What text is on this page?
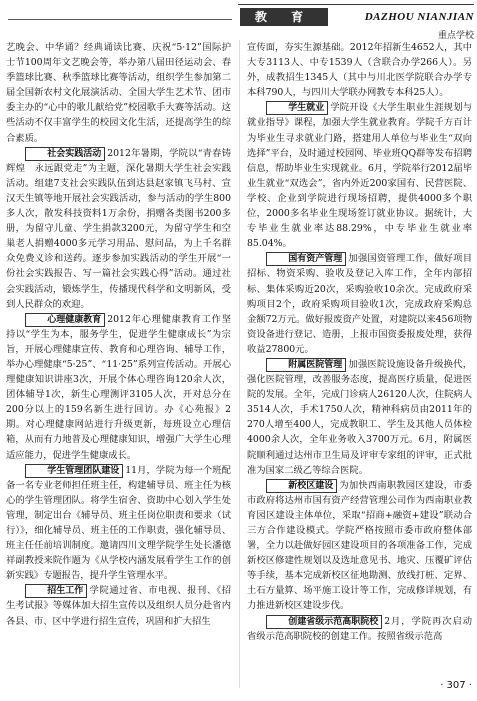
教 育	DAZHOU NIANJIAN
重点学校

艺晚会、中华诵？经典诵读比赛、庆祝“5·12”国际护士节100周年文艺晚会等，举办第八届田径运动会、春季篮球比赛、秋季篮球比赛等活动，组织学生参加第二届全国新农村文化展演活动、全国大学生艺术节、团市委主办的“心中的歌儿献给党”校园歌手大赛等活动。这些活动不仅丰富学生的校园文化生活，还提高学生的综合素质。

社会实践活动 2012年暑期，学院以“青春铸辉煌　永远跟党走”为主题，深化暑期大学生社会实践活动。组建7支社会实践队伍到达县赵家镇飞马村、宣汉天生镇等地开展社会实践活动，参与活动的学生800多人次，散发科技资料1万余份，捐赠各类图书200多册，为留守儿童、学生捐款3200元，为留守学生和空巢老人捐赠4000多元学习用品、慰问品，为上千名群众免费义诊和送药。逐步参加实践活动的学生开展“一份社会实践报告、写一篇社会实践心得”活动。通过社会实践活动，锻炼学生，传播现代科学和文明新风，受到人民群众的欢迎。

心理健康教育 2012年心理健康教育工作坚持以“学生为本，服务学生，促进学生健康成长”为宗旨，开展心理健康宣传、教育和心理咨询、辅导工作，举办心理健康“5·25”、“11·25”系列宣传活动。开展心理健康知识讲座3次，开展个体心理咨询120余人次，团体辅导1次，新生心理测评3105人次，开对总分在200分以上的159名新生进行回访。办《心苑报》2期。对心理健康网站进行升级更新，每班设立心理信箱，从而有力地普及心理健康知识，增强广大学生心理适应能力，促进学生健康成长。

学生管理团队建设 11月，学院为每一个班配备一名专业老师担任班主任，构建辅导员、班主任为核心的学生管理团队。将学生宿舍、资助中心划入学生处管理，制定出台《辅导员、班主任岗位职责和要求（试行）》，细化辅导员、班主任的工作职责，强化辅导员、班主任任前培训制度。邀请四川文理学院学生处长潘德祥副教授来院作题为《从学校内涵发展看学生工作的创新实践》专题报告，提升学生管理水平。

招生工作 学院通过省、市电视、报刊、《招生考试报》等媒体加大招生宣传以及组织人员分赴省内各县、市、区中学进行招生宣传，巩固和扩大招生

宣传面，夯实生源基础。2012年招新生4652人，其中大专3113人、中专1539人（含联合办学266人）。另外，成教招生1345人（其中与川北医学院联合办学专本科790人，与四川大学联办网教专本科25人）。

学生就业 学院开设《大学生职业生涯规划与就业指导》课程，加强大学生就业教育。学院千方百计为毕业生寻求就业门路，搭建用人单位与毕业生“双向选择”平台，及时通过校园网、毕业班QQ群等发布招聘信息，帮助毕业生实现就业。6月，学院举行2012届毕业生就业“双选会”，省内外近200家国有、民营医院、学校、企业到学院进行现场招聘，提供4000多个职位，2000多名毕业生现场签订就业协议。据统计，大专毕业生就业率达88.29%，中专毕业生就业率85.04%。

国有资产管理 加强国资管理工作，做好项目招标、物资采购、验收及登记入库工作，全年内部招标、集体采购近20次，采购验收10余次。完成政府采购项目2个，政府采购项目验收1次，完成政府采购总金额72万元。做好报废资产处置，对建院以来456项物资设备进行登记、造册，上报市国资委报废处理，获得收益27800元。

附属医院管理 加强医院设施设备升级换代，强化医院管理，改善服务态度，提高医疗质量，促进医院的发展。全年，完成门诊病人26120人次，住院病人3514人次，手术1750人次，精神科病员由2011年的270人增至400人，完成教职工、学生及其他人员体检4000余人次，全年业务收入3700万元。6月，附属医院顺利通过达州市卫生局及评审专家组的评审，正式批准为国家二级乙等综合医院。

新校区建设 为加快西南职教园区建设，市委市政府将达州市国有资产经营管理公司作为西南职业教育园区建设主体单位，采取“招商+融资+建设”联动合三方合作建设模式。学院严格按照市委市政府整体部署，全力以赴做好园区建设项目的各项准备工作，完成新校区修建性规划以及选址意见书、地灾、压覆矿评估等手续，基本完成新校区征地勘测、放线打桩、定界、土石方量算、场平施工设计等工作，完成修详规划，有力推进新校区建设步伐。

创建省级示范高职院校 2月，学院再次启动省级示范高职院校的创建工作。按照省级示范高

· 307 ·
